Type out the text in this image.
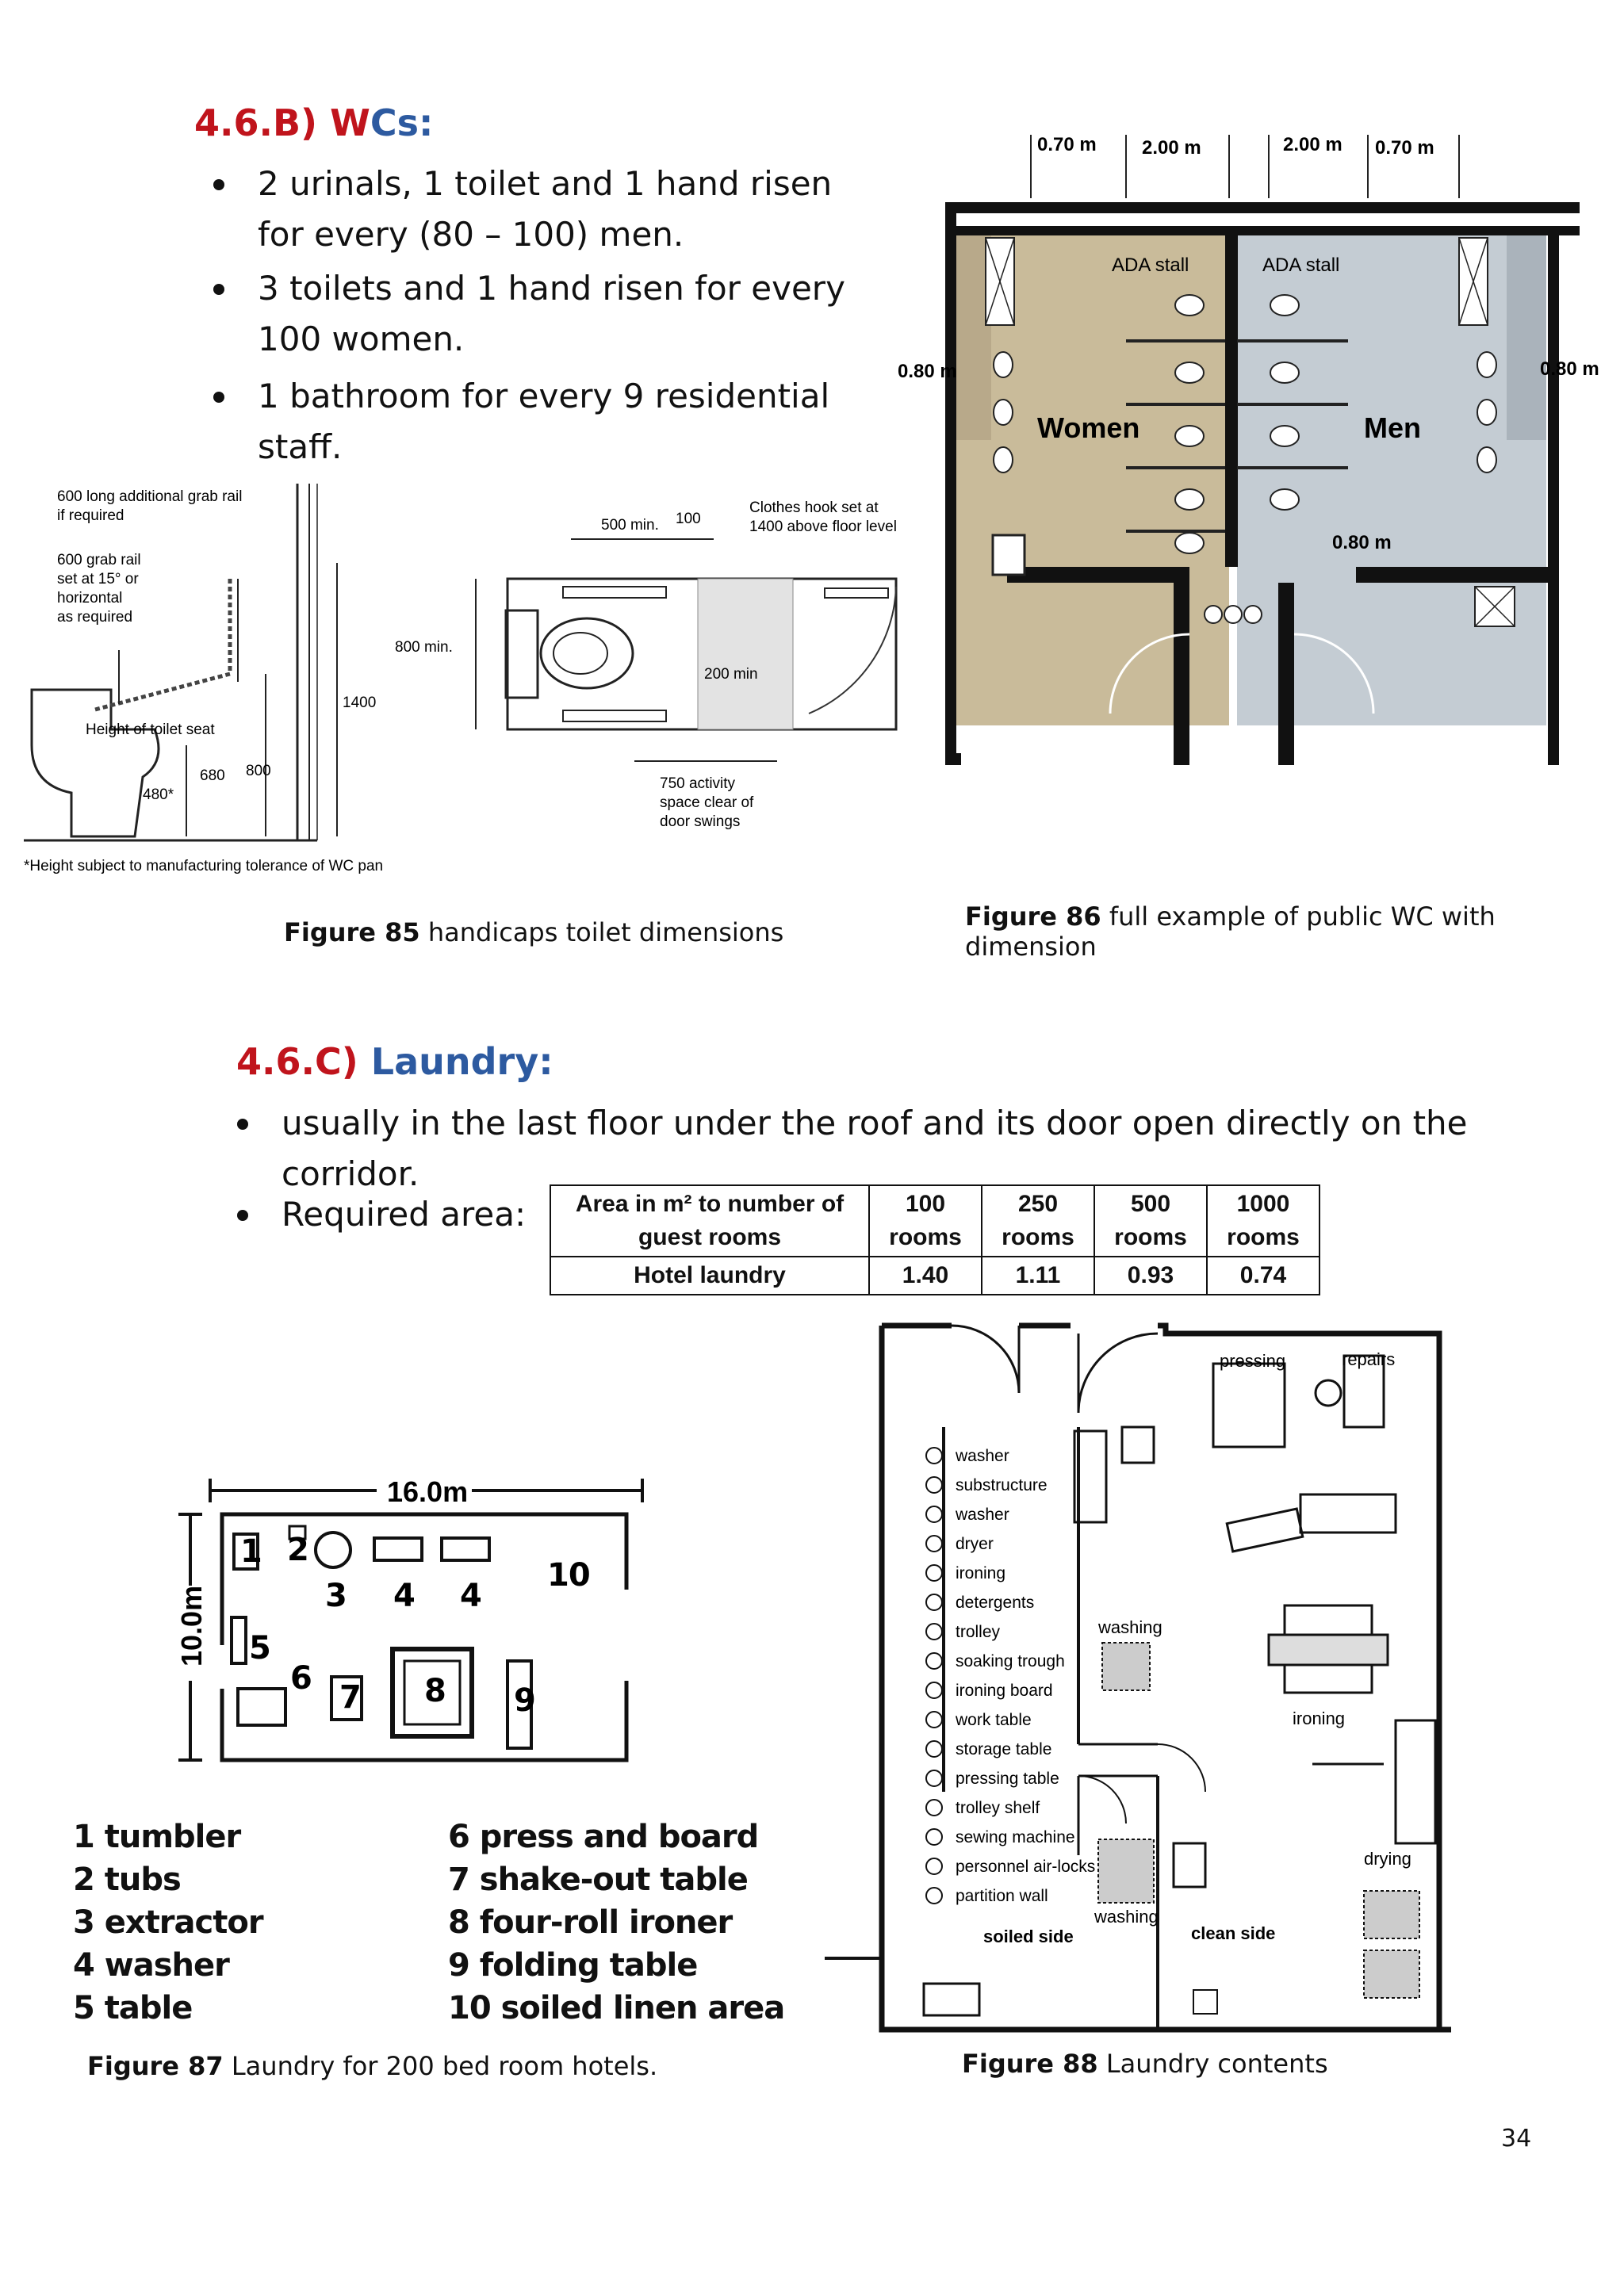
4.6.B) WCs:
2 urinals, 1 toilet and 1 hand risen for every (80 – 100) men.
3 toilets and 1 hand risen for every 100 women.
1 bathroom for every 9 residential staff.
600 long additional grab rail
if required
600 grab rail
set at 15° or
horizontal
as required
Height of toilet seat
680 800
480*
1400
*Height subject to manufacturing tolerance of WC pan
500 min. 100
Clothes hook set at
1400 above floor level
800 min.
200 min
750 activity
space clear of
door swings
Figure 85 handicaps toilet dimensions
0.70 m 2.00 m	2.00 m 0.70 m
0.80 m	0.80 m
0.80 m
ADA stall	ADA stall
Women	Men
Figure 86 full example of public WC with dimension
4.6.C) Laundry:
usually in the last floor under the roof and its door open directly on the corridor.
Required area:	Area in m² to number of guest rooms	100 rooms	250 rooms	500 rooms	1000 rooms
Hotel laundry	1.40	1.11	0.93	0.74
16.0m
10.0m
2
3 4 4
10
5
6
7 8 9
1
1 tumbler
2 tubs
3 extractor
4 washer
5 table
6 press and board
7 shake-out table
8 four-roll ironer
9 folding table
10 soiled linen area
Figure 87 Laundry for 200 bed room hotels.
washer
substructure
washer
dryer
ironing
detergents
trolley
soaking trough
ironing board
work table
storage table
pressing table
trolley shelf
sewing machine
personnel air-locks
partition wall
pressing	repairs
washing
washing
ironing
drying
soiled side	clean side
Figure 88 Laundry contents
34
